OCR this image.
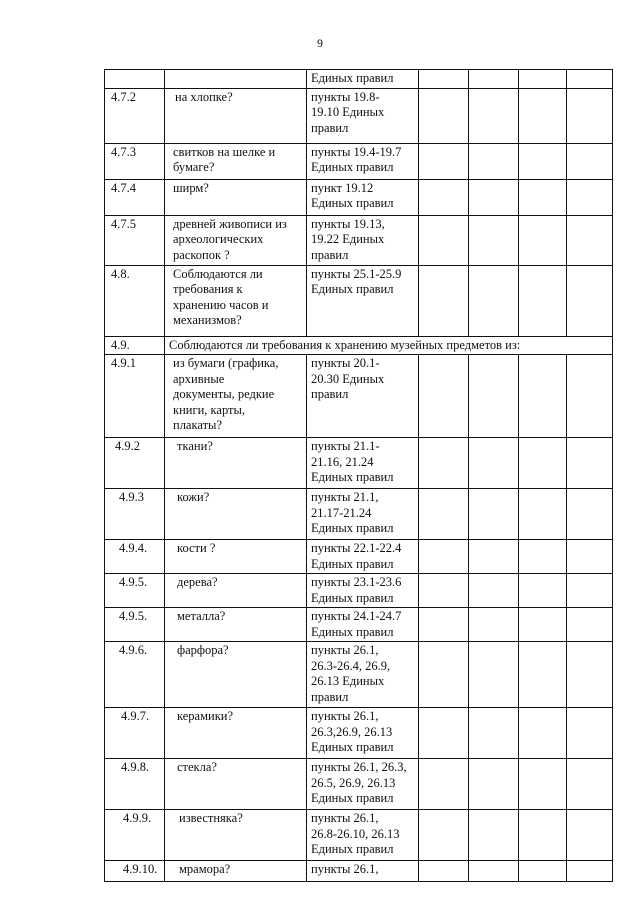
9
		Единых правил				
4.7.2	на хлопке?	пункты 19.8-
19.10 Единых
правил				
4.7.3	свитков на шелке и
бумаге?	пункты 19.4-19.7
Единых правил				
4.7.4	ширм?	пункт 19.12
Единых правил				
4.7.5	древней живописи из
археологических
раскопок ?	пункты 19.13,
19.22 Единых
правил				
4.8.	Соблюдаются ли
требования к
хранению часов и
механизмов?	пункты 25.1-25.9
Единых правил				
4.9.	Соблюдаются ли требования к хранению музейных предметов из:					
4.9.1	из бумаги (графика,
архивные
документы, редкие
книги, карты,
плакаты?	пункты 20.1-
20.30 Единых
правил				
4.9.2	ткани?	пункты 21.1-
21.16, 21.24
Единых правил				
4.9.3	кожи?	пункты 21.1,
21.17-21.24
Единых правил				
4.9.4.	кости ?	пункты 22.1-22.4
Единых правил				
4.9.5.	дерева?	пункты 23.1-23.6
Единых правил				
4.9.5.	металла?	пункты 24.1-24.7
Единых правил				
4.9.6.	фарфора?	пункты 26.1,
26.3-26.4, 26.9,
26.13 Единых
правил				
4.9.7.	керамики?	пункты 26.1,
26.3,26.9, 26.13
Единых правил				
4.9.8.	стекла?	пункты 26.1, 26.3,
26.5, 26.9, 26.13
Единых правил				
4.9.9.	известняка?	пункты 26.1,
26.8-26.10, 26.13
Единых правил				
4.9.10.	мрамора?	пункты 26.1,				
